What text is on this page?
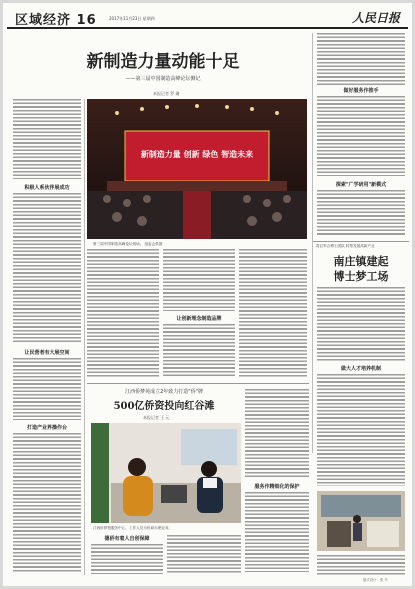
区域经济 16	2017年11月23日 星期四	人民日报
新制造力量动能十足
——第三届中国制造高峰论坛侧记
本报记者 罗 珊
新制造力量 创新 绿色 智造未来
第三届中国制造高峰论坛现场。 组委会供图
做好服务作推手
探索"广学研用"新模式
将巨军合博士团队 转型发展高新产业
南庄镇建起
博士梦工场
做大人才培养机制
积极人系伙伴展成功
让民营者有大展空间
打造产业界操作台
让创新理念制造品牌
江西侨梦苑成立2年致力打造"侨"牌
500亿侨资投向红谷滩
本报记者 王 元
江西侨梦苑服务中心，工作人员为侨商办理业务。
服务作精细化的保护
德侨有着人自创保障
版式设计：张 丹
